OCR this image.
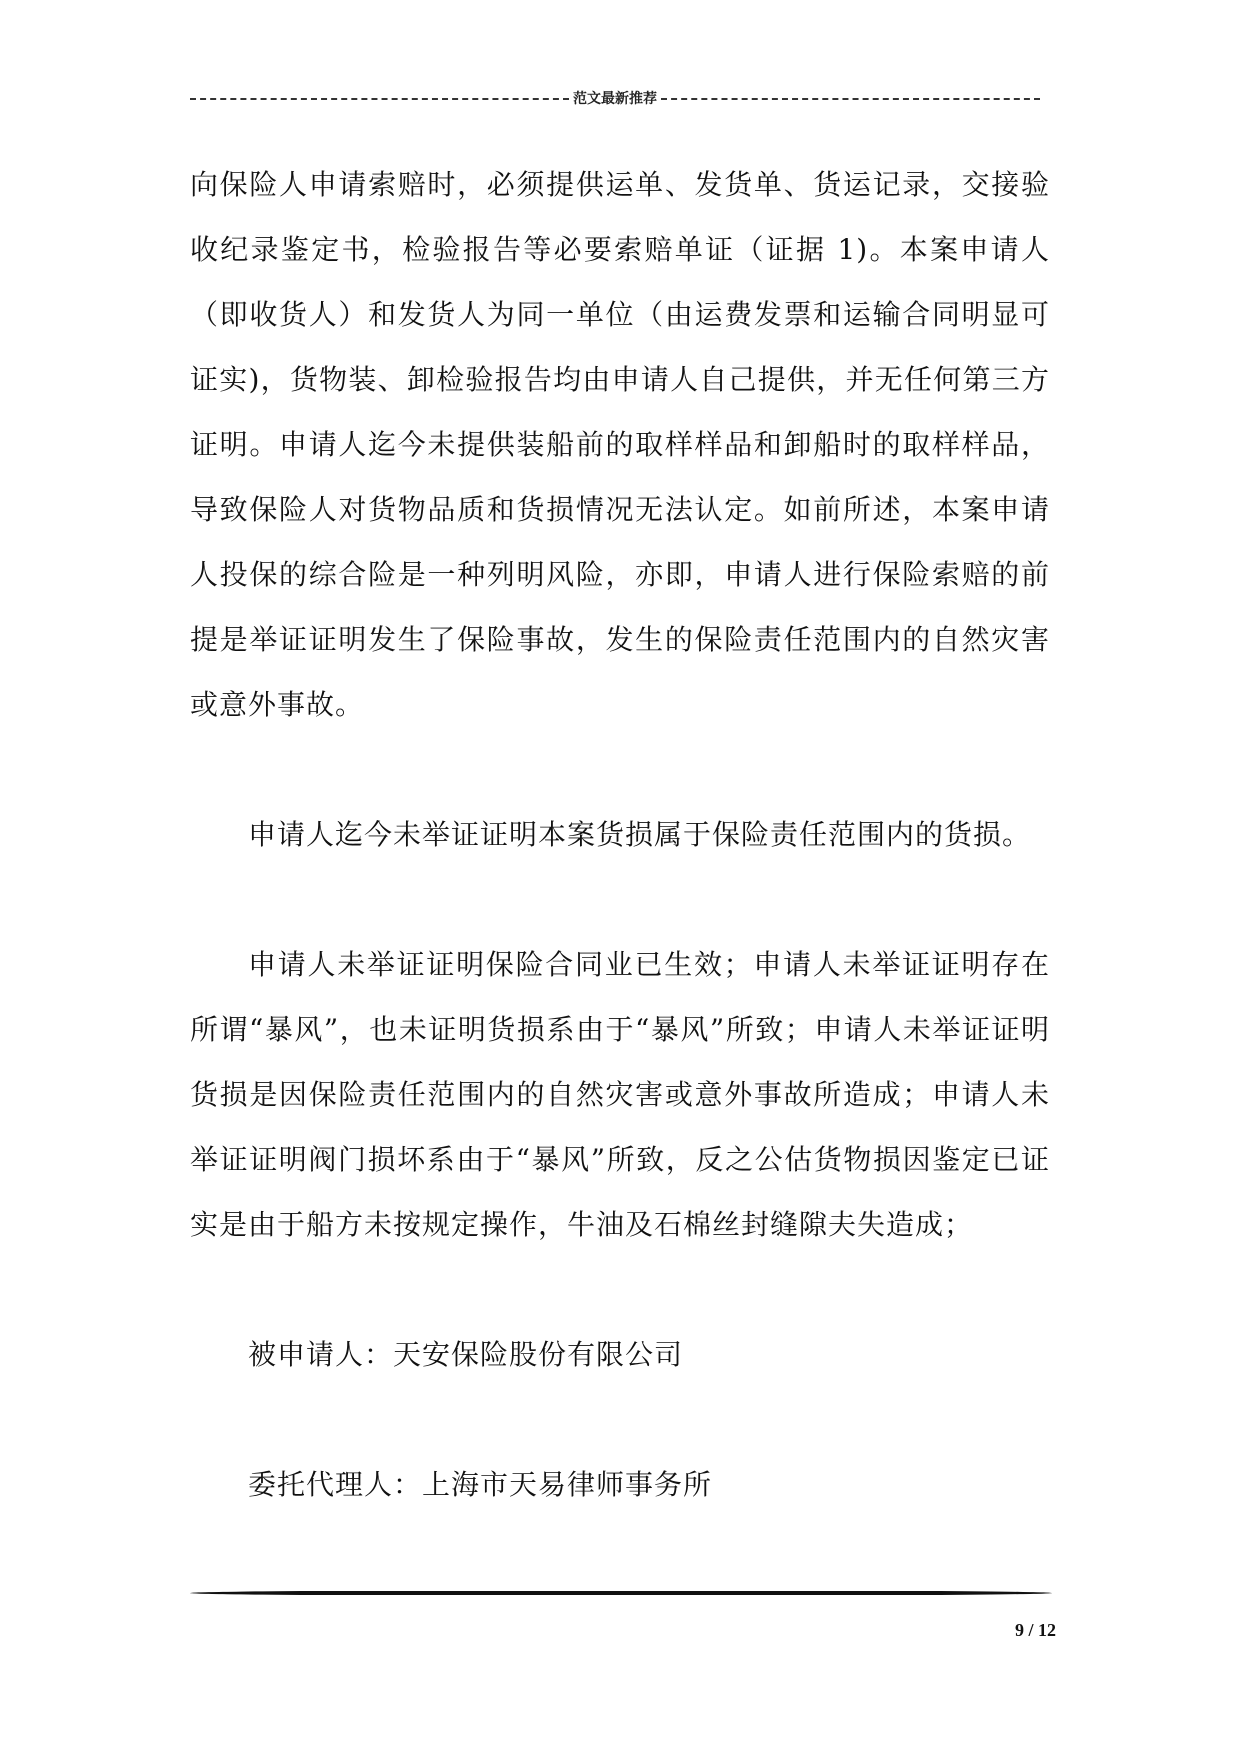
范文最新推荐

向保险人申请索赔时，必须提供运单、发货单、货运记录，交接验收纪录鉴定书，检验报告等必要索赔单证（证据 1)。本案申请人（即收货人）和发货人为同一单位（由运费发票和运输合同明显可证实)，货物装、卸检验报告均由申请人自己提供，并无任何第三方证明。申请人迄今未提供装船前的取样样品和卸船时的取样样品，导致保险人对货物品质和货损情况无法认定。如前所述，本案申请人投保的综合险是一种列明风险，亦即，申请人进行保险索赔的前提是举证证明发生了保险事故，发生的保险责任范围内的自然灾害或意外事故。

申请人迄今未举证证明本案货损属于保险责任范围内的货损。

申请人未举证证明保险合同业已生效；申请人未举证证明存在所谓“暴风”，也未证明货损系由于“暴风”所致；申请人未举证证明货损是因保险责任范围内的自然灾害或意外事故所造成；申请人未举证证明阀门损坏系由于“暴风”所致，反之公估货物损因鉴定已证实是由于船方未按规定操作，牛油及石棉丝封缝隙夫失造成；

被申请人：天安保险股份有限公司

委托代理人：上海市天易律师事务所

9 / 12
